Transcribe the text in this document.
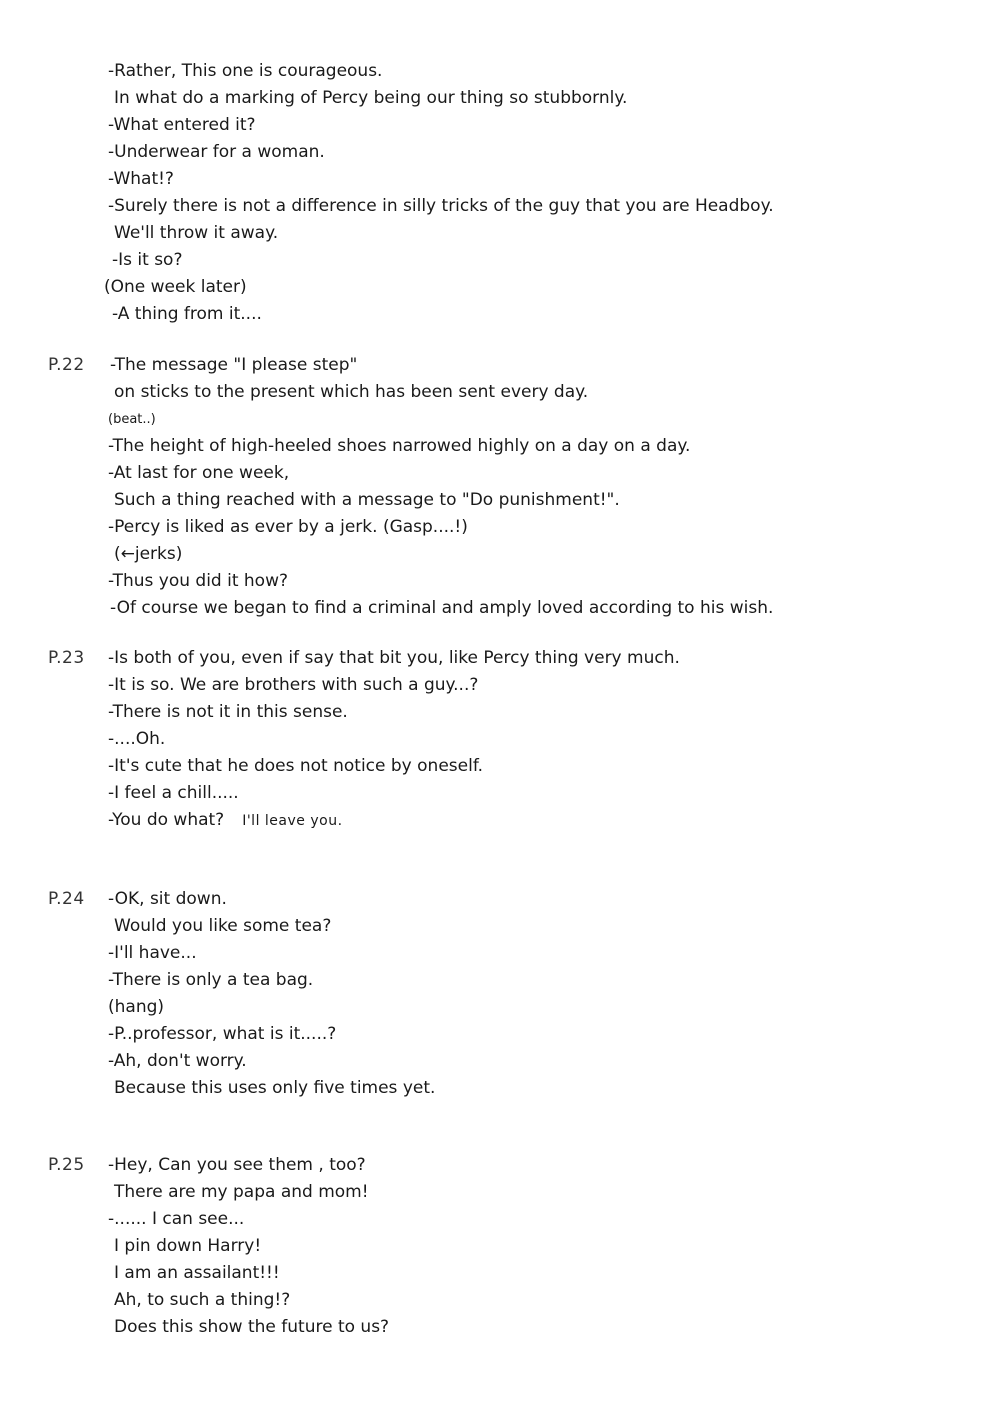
-Rather, This one is courageous.
In what do a marking of Percy being our thing so stubbornly.
-What entered it?
-Underwear for a woman.
-What!?
-Surely there is not a difference in silly tricks of the guy that you are Headboy.
We'll throw it away.
-Is it so?
(One week later)
-A thing from it....
P.22 -The message "I please step"
on sticks to the present which has been sent every day.
(beat..)
-The height of high-heeled shoes narrowed highly on a day on a day.
-At last for one week,
Such a thing reached with a message to "Do punishment!".
-Percy is liked as ever by a jerk. (Gasp....!)
(←jerks)
-Thus you did it how?
-Of course we began to find a criminal and amply loved according to his wish.
P.23 -Is both of you, even if say that bit you, like Percy thing very much.
-It is so. We are brothers with such a guy...?
-There is not it in this sense.
-....Oh.
-It's cute that he does not notice by oneself.
-I feel a chill.....
-You do what? I'll leave you.
P.24 -OK, sit down.
Would you like some tea?
-I'll have...
-There is only a tea bag.
(hang)
-P..professor, what is it.....?
-Ah, don't worry.
Because this uses only five times yet.
P.25 -Hey, Can you see them , too?
There are my papa and mom!
-...... I can see...
I pin down Harry!
I am an assailant!!!
Ah, to such a thing!?
Does this show the future to us?
